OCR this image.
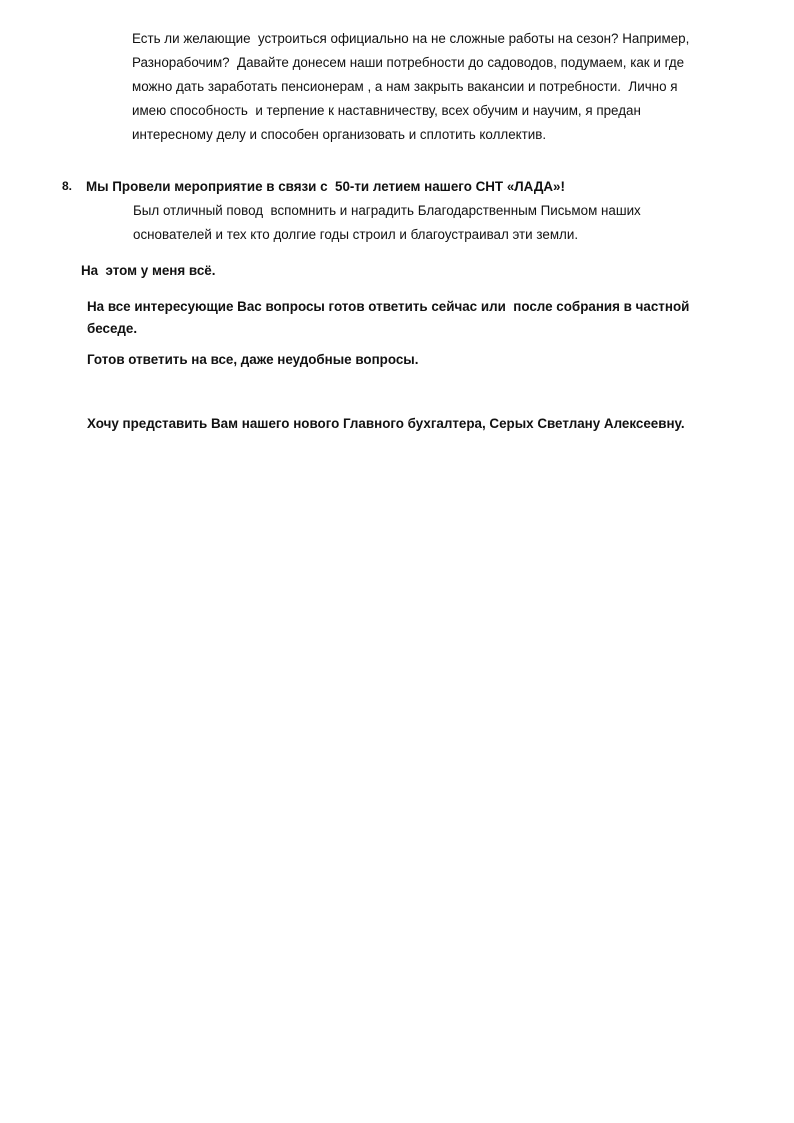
Есть ли желающие  устроиться официально на не сложные работы на сезон? Например,
Разнорабочим?  Давайте донесем наши потребности до садоводов, подумаем, как и где
можно дать заработать пенсионерам , а нам закрыть вакансии и потребности.  Лично я
имею способность  и терпение к наставничеству, всех обучим и научим, я предан
интересному делу и способен организовать и сплотить коллектив.
8. Мы Провели мероприятие в связи с  50-ти летием нашего СНТ «ЛАДА»!
Был отличный повод  вспомнить и наградить Благодарственным Письмом наших
основателей и тех кто долгие годы строил и благоустраивал эти земли.
На  этом у меня всё.
На все интересующие Вас вопросы готов ответить сейчас или  после собрания в частной
беседе.
Готов ответить на все, даже неудобные вопросы.
Хочу представить Вам нашего нового Главного бухгалтера, Серых Светлану Алексеевну.
